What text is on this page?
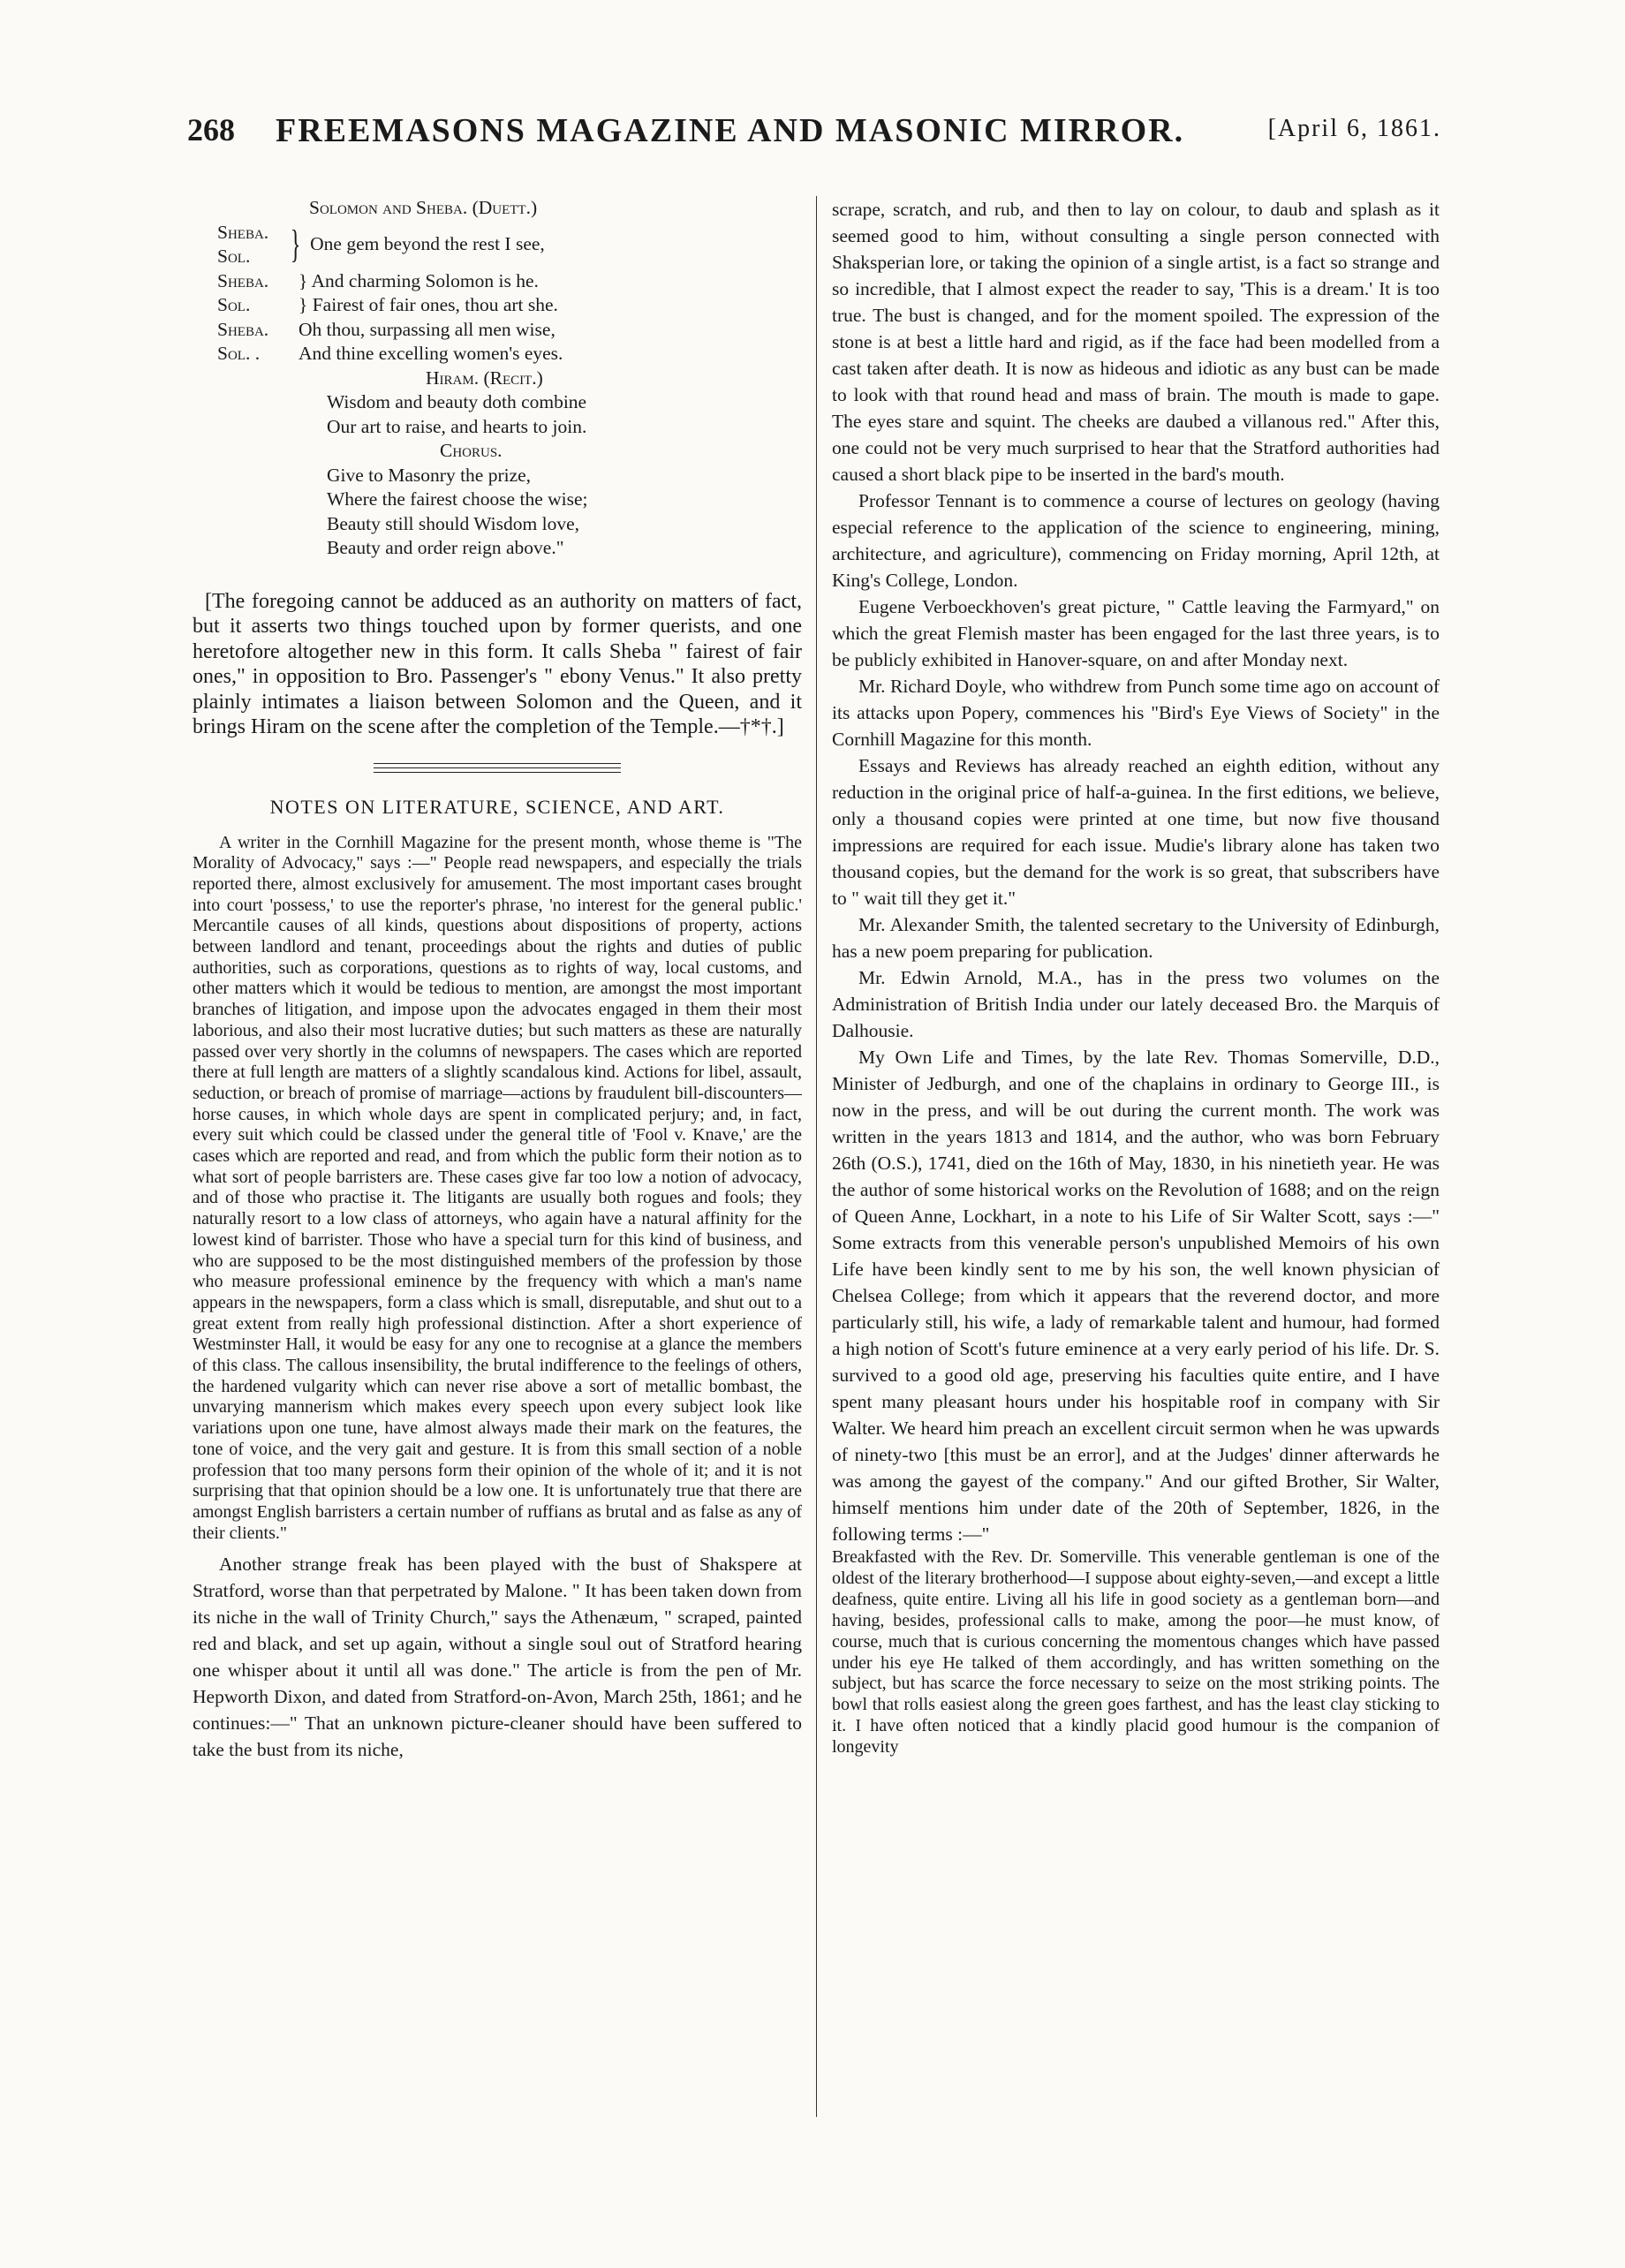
268 FREEMASONS MAGAZINE AND MASONIC MIRROR.	[April 6, 1861.
Solomon and Sheba. (Duett.)
Sheba.
Sol.	} One gem beyond the rest I see,
Sheba.	} And charming Solomon is he.
Sol.	} Fairest of fair ones, thou art she.
Sheba.	Oh thou, surpassing all men wise,
Sol. .	And thine excelling women's eyes.
Hiram. (Recit.)
Wisdom and beauty doth combine
Our art to raise, and hearts to join.
Chorus.
Give to Masonry the prize,
Where the fairest choose the wise;
Beauty still should Wisdom love,
Beauty and order reign above."

[The foregoing cannot be adduced as an authority on matters of fact, but it asserts two things touched upon by former querists, and one heretofore altogether new in this form. It calls Sheba " fairest of fair ones," in opposition to Bro. Passenger's " ebony Venus." It also pretty plainly intimates a liaison between Solomon and the Queen, and it brings Hiram on the scene after the completion of the Temple.—†*†.]

NOTES ON LITERATURE, SCIENCE, AND ART.

A writer in the Cornhill Magazine for the present month, whose theme is "The Morality of Advocacy," says :—" People read newspapers, and especially the trials reported there, almost exclusively for amusement. The most important cases brought into court 'possess,' to use the reporter's phrase, 'no interest for the general public.' Mercantile causes of all kinds, questions about dispositions of property, actions between landlord and tenant, proceedings about the rights and duties of public authorities, such as corporations, questions as to rights of way, local customs, and other matters which it would be tedious to mention, are amongst the most important branches of litigation, and impose upon the advocates engaged in them their most laborious, and also their most lucrative duties; but such matters as these are naturally passed over very shortly in the columns of newspapers. The cases which are reported there at full length are matters of a slightly scandalous kind. Actions for libel, assault, seduction, or breach of promise of marriage—actions by fraudulent bill-discounters—horse causes, in which whole days are spent in complicated perjury; and, in fact, every suit which could be classed under the general title of 'Fool v. Knave,' are the cases which are reported and read, and from which the public form their notion as to what sort of people barristers are. These cases give far too low a notion of advocacy, and of those who practise it. The litigants are usually both rogues and fools; they naturally resort to a low class of attorneys, who again have a natural affinity for the lowest kind of barrister. Those who have a special turn for this kind of business, and who are supposed to be the most distinguished members of the profession by those who measure professional eminence by the frequency with which a man's name appears in the newspapers, form a class which is small, disreputable, and shut out to a great extent from really high professional distinction. After a short experience of Westminster Hall, it would be easy for any one to recognise at a glance the members of this class. The callous insensibility, the brutal indifference to the feelings of others, the hardened vulgarity which can never rise above a sort of metallic bombast, the unvarying mannerism which makes every speech upon every subject look like variations upon one tune, have almost always made their mark on the features, the tone of voice, and the very gait and gesture. It is from this small section of a noble profession that too many persons form their opinion of the whole of it; and it is not surprising that that opinion should be a low one. It is unfortunately true that there are amongst English barristers a certain number of ruffians as brutal and as false as any of their clients."

Another strange freak has been played with the bust of Shakspere at Stratford, worse than that perpetrated by Malone. " It has been taken down from its niche in the wall of Trinity Church," says the Athenæum, " scraped, painted red and black, and set up again, without a single soul out of Stratford hearing one whisper about it until all was done." The article is from the pen of Mr. Hepworth Dixon, and dated from Stratford-on-Avon, March 25th, 1861; and he continues:—" That an unknown picture-cleaner should have been suffered to take the bust from its niche,

scrape, scratch, and rub, and then to lay on colour, to daub and splash as it seemed good to him, without consulting a single person connected with Shaksperian lore, or taking the opinion of a single artist, is a fact so strange and so incredible, that I almost expect the reader to say, 'This is a dream.' It is too true. The bust is changed, and for the moment spoiled. The expression of the stone is at best a little hard and rigid, as if the face had been modelled from a cast taken after death. It is now as hideous and idiotic as any bust can be made to look with that round head and mass of brain. The mouth is made to gape. The eyes stare and squint. The cheeks are daubed a villanous red." After this, one could not be very much surprised to hear that the Stratford authorities had caused a short black pipe to be inserted in the bard's mouth.

Professor Tennant is to commence a course of lectures on geology (having especial reference to the application of the science to engineering, mining, architecture, and agriculture), commencing on Friday morning, April 12th, at King's College, London.

Eugene Verboeckhoven's great picture, " Cattle leaving the Farmyard," on which the great Flemish master has been engaged for the last three years, is to be publicly exhibited in Hanover-square, on and after Monday next.

Mr. Richard Doyle, who withdrew from Punch some time ago on account of its attacks upon Popery, commences his "Bird's Eye Views of Society" in the Cornhill Magazine for this month.

Essays and Reviews has already reached an eighth edition, without any reduction in the original price of half-a-guinea. In the first editions, we believe, only a thousand copies were printed at one time, but now five thousand impressions are required for each issue. Mudie's library alone has taken two thousand copies, but the demand for the work is so great, that subscribers have to " wait till they get it."

Mr. Alexander Smith, the talented secretary to the University of Edinburgh, has a new poem preparing for publication.

Mr. Edwin Arnold, M.A., has in the press two volumes on the Administration of British India under our lately deceased Bro. the Marquis of Dalhousie.

My Own Life and Times, by the late Rev. Thomas Somerville, D.D., Minister of Jedburgh, and one of the chaplains in ordinary to George III., is now in the press, and will be out during the current month. The work was written in the years 1813 and 1814, and the author, who was born February 26th (O.S.), 1741, died on the 16th of May, 1830, in his ninetieth year. He was the author of some historical works on the Revolution of 1688; and on the reign of Queen Anne, Lockhart, in a note to his Life of Sir Walter Scott, says :—" Some extracts from this venerable person's unpublished Memoirs of his own Life have been kindly sent to me by his son, the well known physician of Chelsea College; from which it appears that the reverend doctor, and more particularly still, his wife, a lady of remarkable talent and humour, had formed a high notion of Scott's future eminence at a very early period of his life. Dr. S. survived to a good old age, preserving his faculties quite entire, and I have spent many pleasant hours under his hospitable roof in company with Sir Walter. We heard him preach an excellent circuit sermon when he was upwards of ninety-two [this must be an error], and at the Judges' dinner afterwards he was among the gayest of the company." And our gifted Brother, Sir Walter, himself mentions him under date of the 20th of September, 1826, in the following terms :—"

Breakfasted with the Rev. Dr. Somerville. This venerable gentleman is one of the oldest of the literary brotherhood—I suppose about eighty-seven,—and except a little deafness, quite entire. Living all his life in good society as a gentleman born—and having, besides, professional calls to make, among the poor—he must know, of course, much that is curious concerning the momentous changes which have passed under his eye He talked of them accordingly, and has written something on the subject, but has scarce the force necessary to seize on the most striking points. The bowl that rolls easiest along the green goes farthest, and has the least clay sticking to it. I have often noticed that a kindly placid good humour is the companion of longevity
